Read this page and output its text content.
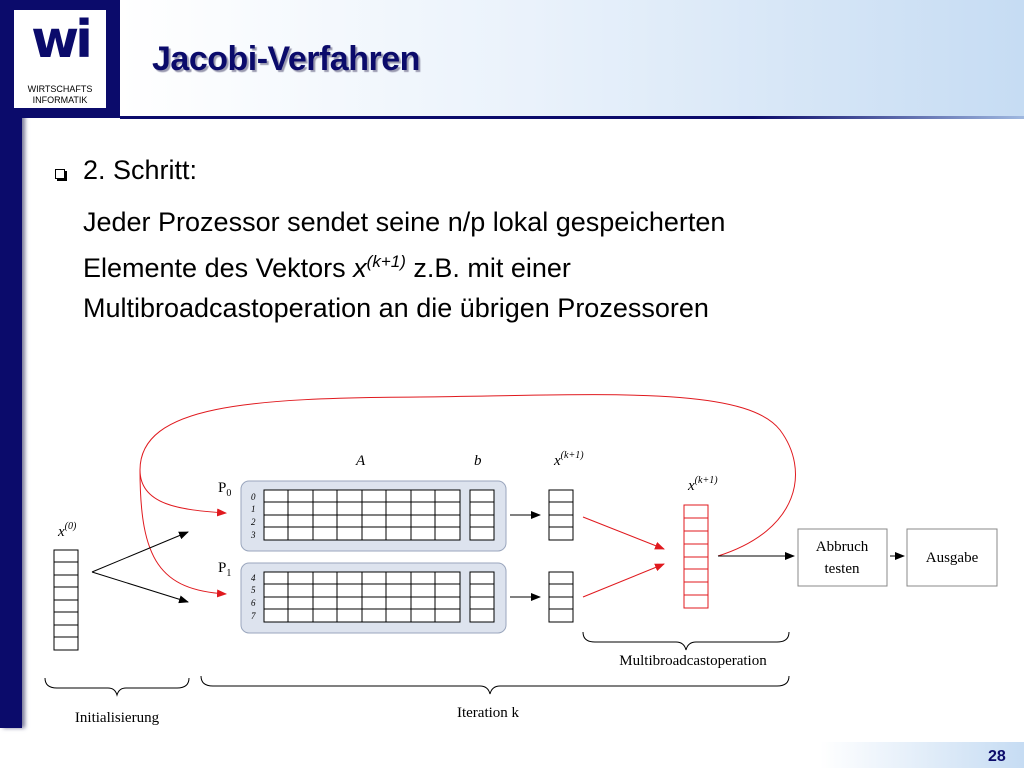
wi
WIRTSCHAFTS
INFORMATIK
Jacobi-Verfahren
2. Schritt:
Jeder Prozessor sendet seine n/p lokal gespeicherten
Elemente des Vektors $x^{(k+1)}$ z.B. mit einer
Multibroadcastoperation an die übrigen Prozessoren
$x^{(0)}$
A	b	$x^{(k+1)}$
$P_0$ 0
1
2
3
$P_1$ 4
5
6
7
$x^{(k+1)}$
Abbruch
testen
Ausgabe
Multibroadcastoperation
Iteration k
Initialisierung
28
